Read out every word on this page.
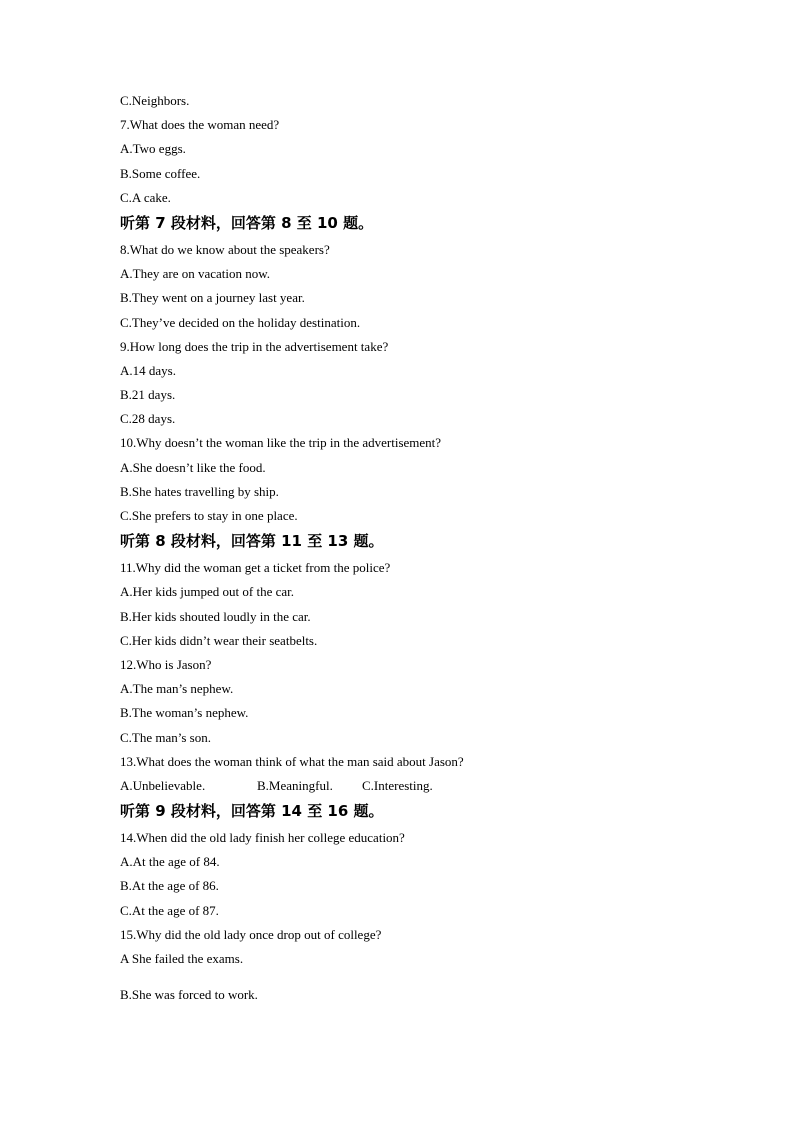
C.Neighbors.
7.What does the woman need?
A.Two eggs.
B.Some coffee.
C.A cake.
听第 7 段材料，回答第 8 至 10 题。
8.What do we know about the speakers?
A.They are on vacation now.
B.They went on a journey last year.
C.They’ve decided on the holiday destination.
9.How long does the trip in the advertisement take?
A.14 days.
B.21 days.
C.28 days.
10.Why doesn’t the woman like the trip in the advertisement?
A.She doesn’t like the food.
B.She hates travelling by ship.
C.She prefers to stay in one place.
听第 8 段材料，回答第 11 至 13 题。
11.Why did the woman get a ticket from the police?
A.Her kids jumped out of the car.
B.Her kids shouted loudly in the car.
C.Her kids didn’t wear their seatbelts.
12.Who is Jason?
A.The man’s nephew.
B.The woman’s nephew.
C.The man’s son.
13.What does the woman think of what the man said about Jason?
A.Unbelievable.	B.Meaningful.	C.Interesting.
听第 9 段材料，回答第 14 至 16 题。
14.When did the old lady finish her college education?
A.At the age of 84.
B.At the age of 86.
C.At the age of 87.
15.Why did the old lady once drop out of college?
A She failed the exams.
B.She was forced to work.
